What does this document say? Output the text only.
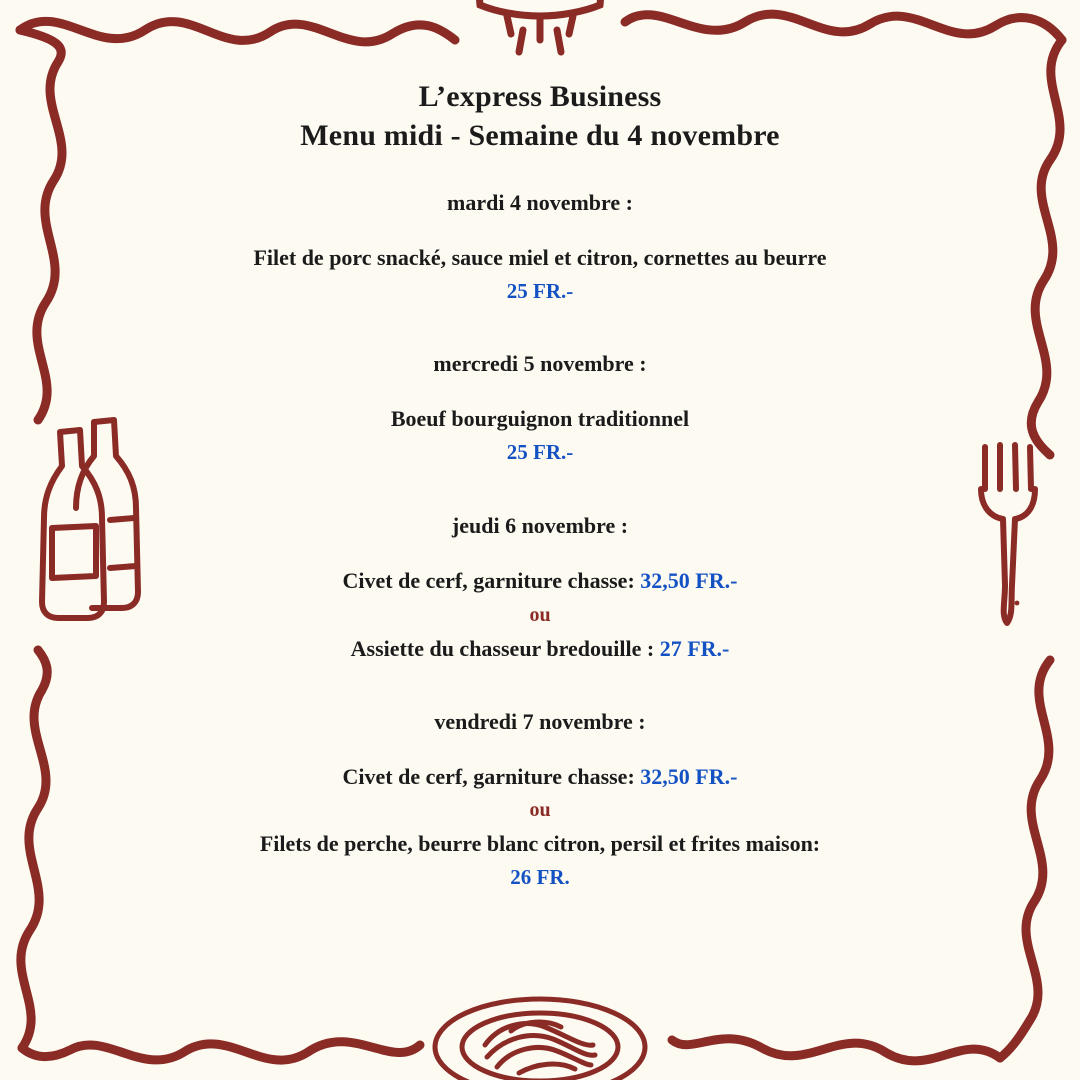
L’express Business
Menu midi - Semaine du 4 novembre
mardi 4 novembre :
Filet de porc snacké, sauce miel et citron, cornettes au beurre
25 FR.-
mercredi 5 novembre :
Boeuf bourguignon traditionnel
25 FR.-
jeudi 6 novembre :
Civet de cerf, garniture chasse: 32,50 FR.-
ou
Assiette du chasseur bredouille : 27 FR.-
vendredi 7 novembre :
Civet de cerf, garniture chasse: 32,50 FR.-
ou
Filets de perche, beurre blanc citron, persil et frites maison:
26 FR.
